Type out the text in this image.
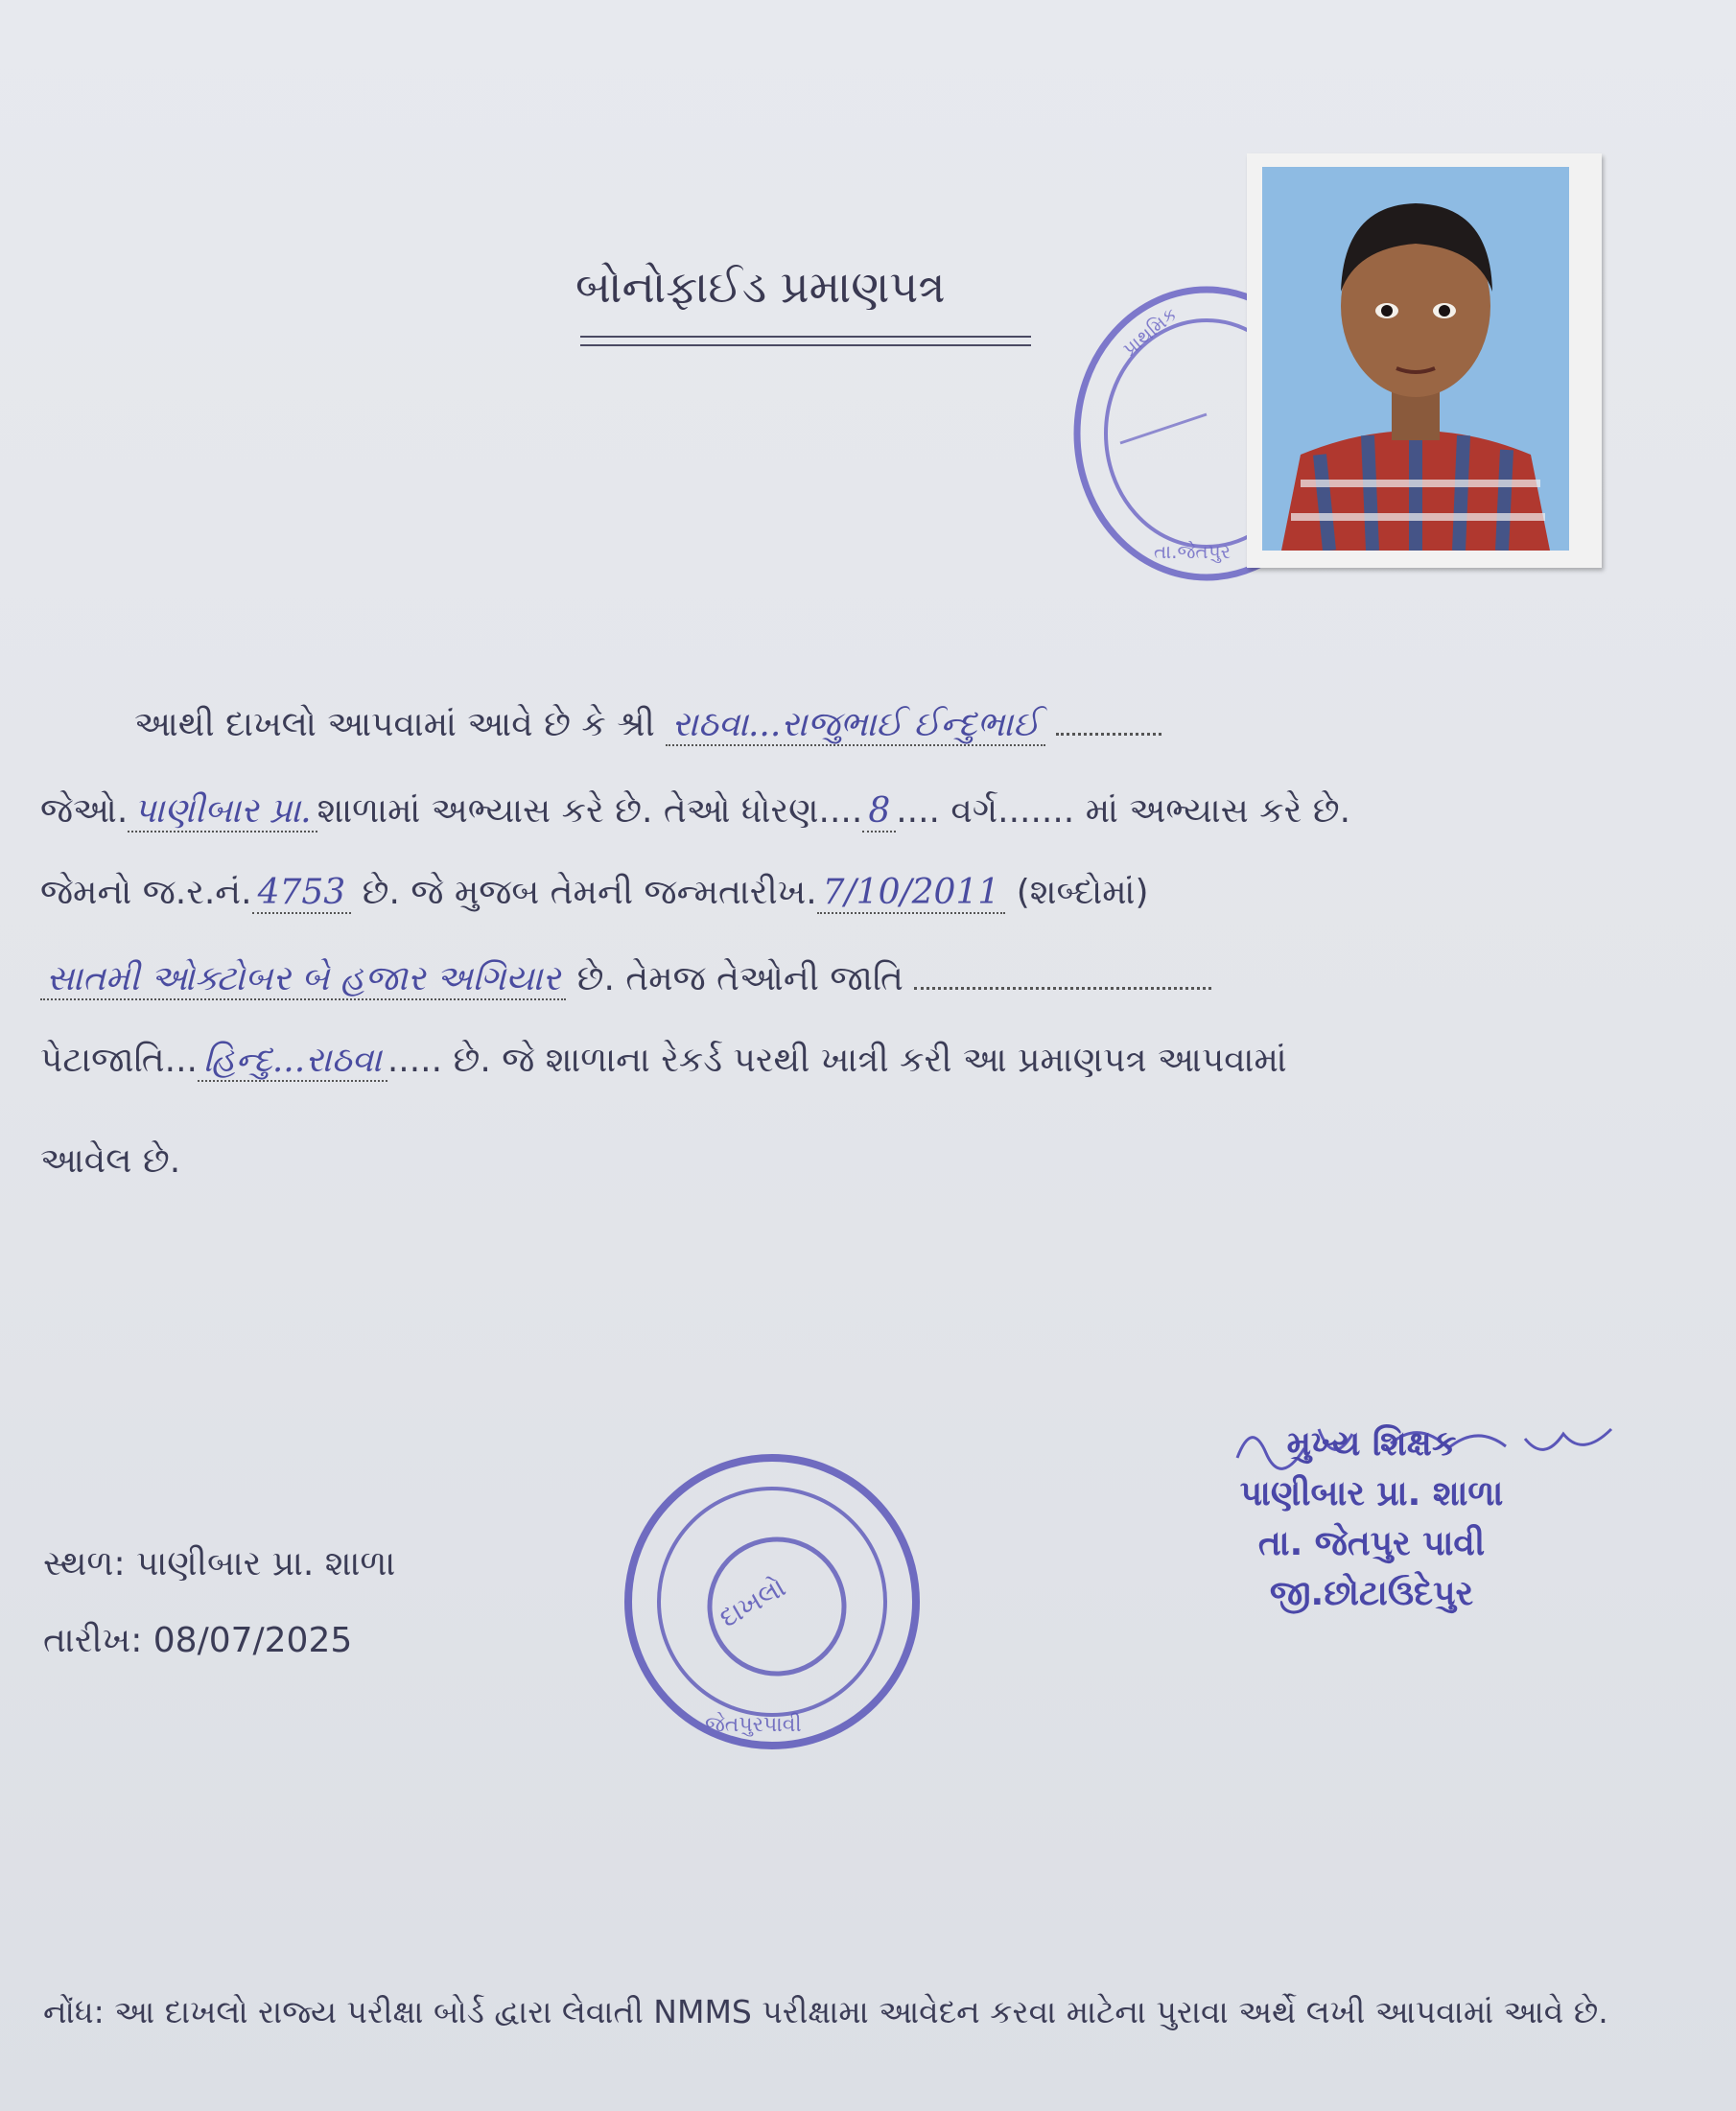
બોનોફાઈડ પ્રમાણપત્ર
પ્રાથમિક
તા.જેતપુર
આથી દાખલો આપવામાં આવે છે કે શ્રી રાઠવા...રાજુભાઈ ઈન્દુભાઈ
જેઓ. પાણીબાર પ્રા. શાળામાં અભ્યાસ કરે છે. તેઓ ધોરણ.... 8 .... વર્ગ....... માં અભ્યાસ કરે છે.
જેમનો જ.ર.નં. 4753 છે. જે મુજબ તેમની જન્મતારીખ. 7/10/2011 (શબ્દોમાં)
સાતમી ઓક્ટોબર બે હજાર અગિયાર છે. તેમજ તેઓની જાતિ
પેટાજાતિ... હિન્દુ...રાઠવા ..... છે. જે શાળાના રેકર્ડ પરથી ખાત્રી કરી આ પ્રમાણપત્ર આપવામાં
આવેલ છે.
સ્થળ: પાણીબાર પ્રા. શાળા
તારીખ: 08/07/2025
દાખલો
જેતપુરપાવી
મુખ્ય શિક્ષક
પાણીબાર પ્રા. શાળા
તા. જેતપુર પાવી
જી.છોટાઉદેપુર
નોંધ: આ દાખલો રાજ્ય પરીક્ષા બોર્ડ દ્વારા લેવાતી NMMS પરીક્ષામા આવેદન કરવા માટેના પુરાવા અર્થે લખી આપવામાં આવે છે.
